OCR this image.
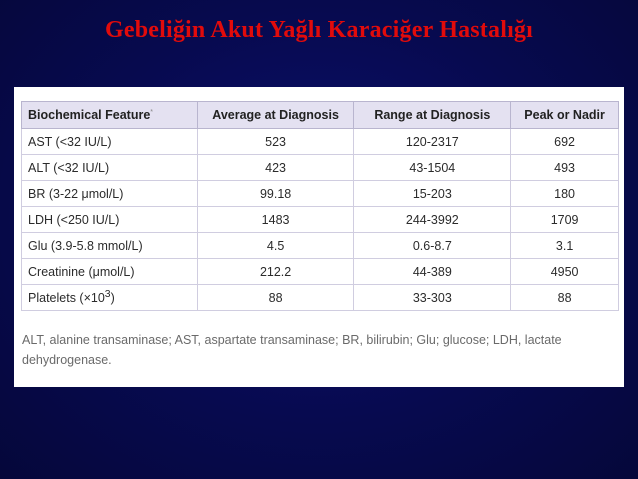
Gebeliğin Akut Yağlı Karaciğer Hastalığı
Biochemical Feature*	Average at Diagnosis	Range at Diagnosis	Peak or Nadir
AST (<32 IU/L)	523	120-2317	692
ALT (<32 IU/L)	423	43-1504	493
BR (3-22 μmol/L)	99.18	15-203	180
LDH (<250 IU/L)	1483	244-3992	1709
Glu (3.9-5.8 mmol/L)	4.5	0.6-8.7	3.1
Creatinine (μmol/L)	212.2	44-389	4950
Platelets $(\times 10^3)$	88	33-303	88
ALT, alanine transaminase; AST, aspartate transaminase; BR, bilirubin; Glu; glucose; LDH, lactate dehydrogenase.
